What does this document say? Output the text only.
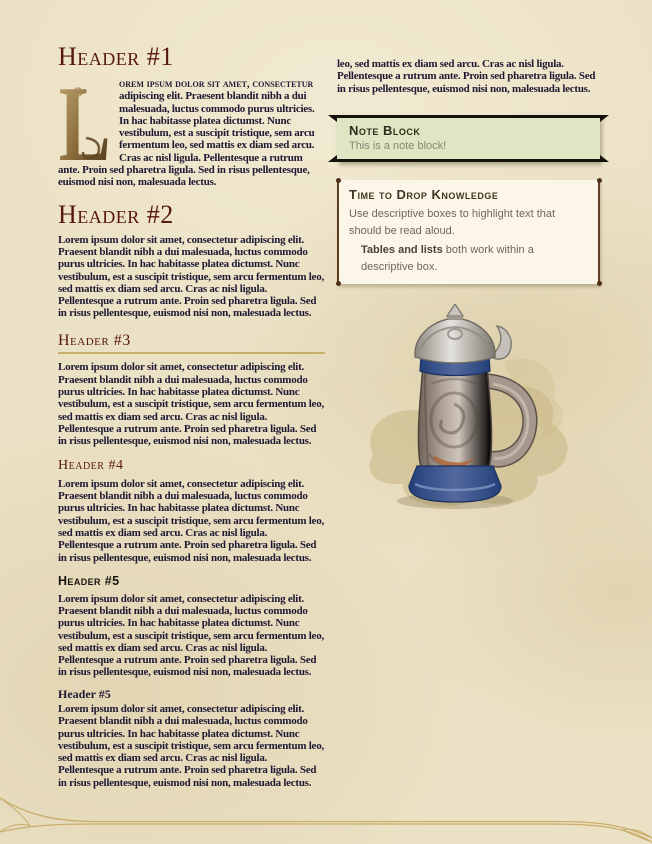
Header #1

L orem ipsum dolor sit amet, consectetur adipiscing elit. Praesent blandit nibh a dui malesuada, luctus commodo purus ultricies. In hac habitasse platea dictumst. Nunc vestibulum, est a suscipit tristique, sem arcu fermentum leo, sed mattis ex diam sed arcu. Cras ac nisl ligula. Pellentesque a rutrum ante. Proin sed pharetra ligula. Sed in risus pellentesque, euismod nisi non, malesuada lectus.

Header #2

Lorem ipsum dolor sit amet, consectetur adipiscing elit. Praesent blandit nibh a dui malesuada, luctus commodo purus ultricies. In hac habitasse platea dictumst. Nunc vestibulum, est a suscipit tristique, sem arcu fermentum leo, sed mattis ex diam sed arcu. Cras ac nisl ligula. Pellentesque a rutrum ante. Proin sed pharetra ligula. Sed in risus pellentesque, euismod nisi non, malesuada lectus.

Header #3

Lorem ipsum dolor sit amet, consectetur adipiscing elit. Praesent blandit nibh a dui malesuada, luctus commodo purus ultricies. In hac habitasse platea dictumst. Nunc vestibulum, est a suscipit tristique, sem arcu fermentum leo, sed mattis ex diam sed arcu. Cras ac nisl ligula. Pellentesque a rutrum ante. Proin sed pharetra ligula. Sed in risus pellentesque, euismod nisi non, malesuada lectus.

Header #4

Lorem ipsum dolor sit amet, consectetur adipiscing elit. Praesent blandit nibh a dui malesuada, luctus commodo purus ultricies. In hac habitasse platea dictumst. Nunc vestibulum, est a suscipit tristique, sem arcu fermentum leo, sed mattis ex diam sed arcu. Cras ac nisl ligula. Pellentesque a rutrum ante. Proin sed pharetra ligula. Sed in risus pellentesque, euismod nisi non, malesuada lectus.

Header #5

Lorem ipsum dolor sit amet, consectetur adipiscing elit. Praesent blandit nibh a dui malesuada, luctus commodo purus ultricies. In hac habitasse platea dictumst. Nunc vestibulum, est a suscipit tristique, sem arcu fermentum leo, sed mattis ex diam sed arcu. Cras ac nisl ligula. Pellentesque a rutrum ante. Proin sed pharetra ligula. Sed in risus pellentesque, euismod nisi non, malesuada lectus.

Header #5

Lorem ipsum dolor sit amet, consectetur adipiscing elit. Praesent blandit nibh a dui malesuada, luctus commodo purus ultricies. In hac habitasse platea dictumst. Nunc vestibulum, est a suscipit tristique, sem arcu fermentum leo, sed mattis ex diam sed arcu. Cras ac nisl ligula. Pellentesque a rutrum ante. Proin sed pharetra ligula. Sed in risus pellentesque, euismod nisi non, malesuada lectus.

leo, sed mattis ex diam sed arcu. Cras ac nisl ligula. Pellentesque a rutrum ante. Proin sed pharetra ligula. Sed in risus pellentesque, euismod nisi non, malesuada lectus.

Note Block
This is a note block!
Time to Drop Knowledge
Use descriptive boxes to highlight text that should be read aloud.
Tables and lists both work within a descriptive box.
